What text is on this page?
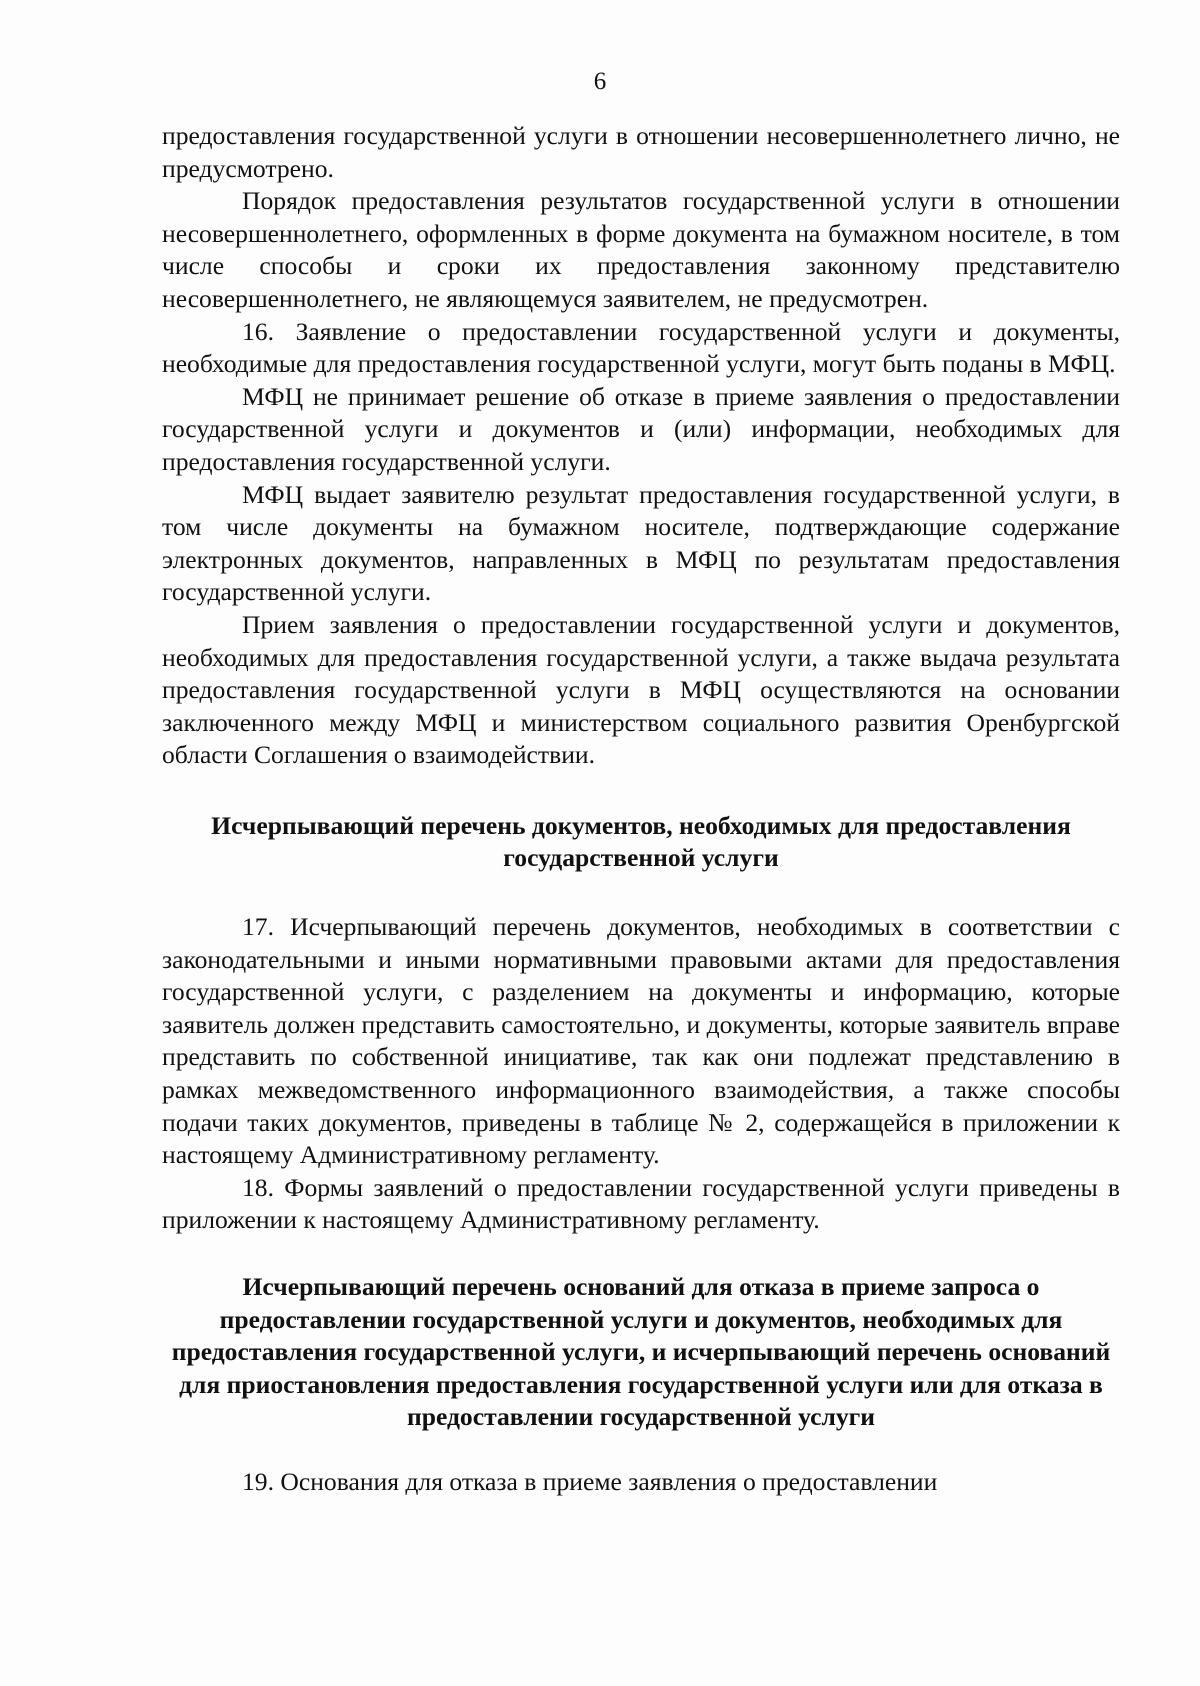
6

предоставления государственной услуги в отношении несовершеннолетнего лично, не предусмотрено.

Порядок предоставления результатов государственной услуги в отношении несовершеннолетнего, оформленных в форме документа на бумажном носителе, в том числе способы и сроки их предоставления законному представителю несовершеннолетнего, не являющемуся заявителем, не предусмотрен.

16. Заявление о предоставлении государственной услуги и документы, необходимые для предоставления государственной услуги, могут быть поданы в МФЦ.

МФЦ не принимает решение об отказе в приеме заявления о предоставлении государственной услуги и документов и (или) информации, необходимых для предоставления государственной услуги.

МФЦ выдает заявителю результат предоставления государственной услуги, в том числе документы на бумажном носителе, подтверждающие содержание электронных документов, направленных в МФЦ по результатам предоставления государственной услуги.

Прием заявления о предоставлении государственной услуги и документов, необходимых для предоставления государственной услуги, а также выдача результата предоставления государственной услуги в МФЦ осуществляются на основании заключенного между МФЦ и министерством социального развития Оренбургской области Соглашения о взаимодействии.

Исчерпывающий перечень документов, необходимых для предоставления государственной услуги

17. Исчерпывающий перечень документов, необходимых в соответствии с законодательными и иными нормативными правовыми актами для предоставления государственной услуги, с разделением на документы и информацию, которые заявитель должен представить самостоятельно, и документы, которые заявитель вправе представить по собственной инициативе, так как они подлежат представлению в рамках межведомственного информационного взаимодействия, а также способы подачи таких документов, приведены в таблице № 2, содержащейся в приложении к настоящему Административному регламенту.

18. Формы заявлений о предоставлении государственной услуги приведены в приложении к настоящему Административному регламенту.

Исчерпывающий перечень оснований для отказа в приеме запроса о предоставлении государственной услуги и документов, необходимых для предоставления государственной услуги, и исчерпывающий перечень оснований для приостановления предоставления государственной услуги или для отказа в предоставлении государственной услуги

19. Основания для отказа в приеме заявления о предоставлении
